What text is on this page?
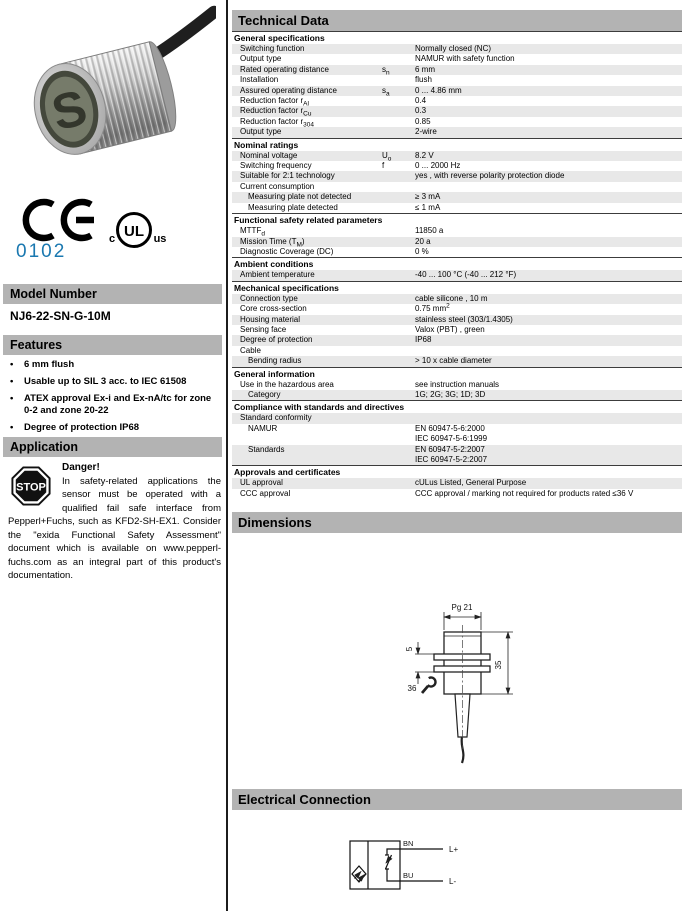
S
0102
UL
c	us
Model Number
NJ6-22-SN-G-10M
Features
•	6 mm flush
•	Usable up to SIL 3 acc. to IEC 61508
•	ATEX approval Ex-i and Ex-nA/tc for zone 0-2 and zone 20-22
•	Degree of protection IP68
Application
STOP
Danger!
In safety-related applications the sensor must be operated with a qualified fail safe interface from Pepperl+Fuchs, such as KFD2-SH-EX1. Consider the "exida Functional Safety Assessment" document which is available on www.pepperl-fuchs.com as an integral part of this product's documentation.
Technical Data
General specifications
Switching function	Normally closed (NC)
Output type	NAMUR with safety function
Rated operating distance	$s_n$	6 mm
Installation	flush
Assured operating distance	$s_a$	0 ... 4.86 mm
Reduction factor $r_{Al}$	0.4
Reduction factor $r_{Cu}$	0.3
Reduction factor $r_{304}$	0.85
Output type	2-wire
Nominal ratings
Nominal voltage	$U_o$	8.2 V
Switching frequency	f	0 ... 2000 Hz
Suitable for 2:1 technology	yes , with reverse polarity protection diode
Current consumption
Measuring plate not detected	≥ 3 mA
Measuring plate detected	≤ 1 mA
Functional safety related parameters
$MTTF_d$	11850 a
Mission Time $(T_M)$	20 a
Diagnostic Coverage (DC)	0 %
Ambient conditions
Ambient temperature	-40 ... 100 °C (-40 ... 212 °F)
Mechanical specifications
Connection type	cable silicone , 10 m
Core cross-section	0.75 $mm^2$
Housing material	stainless steel (303/1.4305)
Sensing face	Valox (PBT) , green
Degree of protection	IP68
Cable
Bending radius	> 10 x cable diameter
General information
Use in the hazardous area	see instruction manuals
Category	1G; 2G; 3G; 1D; 3D
Compliance with standards and directives
Standard conformity
NAMUR	EN 60947-5-6:2000
IEC 60947-5-6:1999
Standards	EN 60947-5-2:2007
IEC 60947-5-2:2007
Approvals and certificates
UL approval	cULus Listed, General Purpose
CCC approval	CCC approval / marking not required for products rated ≤36 V
Dimensions
Pg 21
5
36
35
Electrical Connection
BN
BU
L+
L-
